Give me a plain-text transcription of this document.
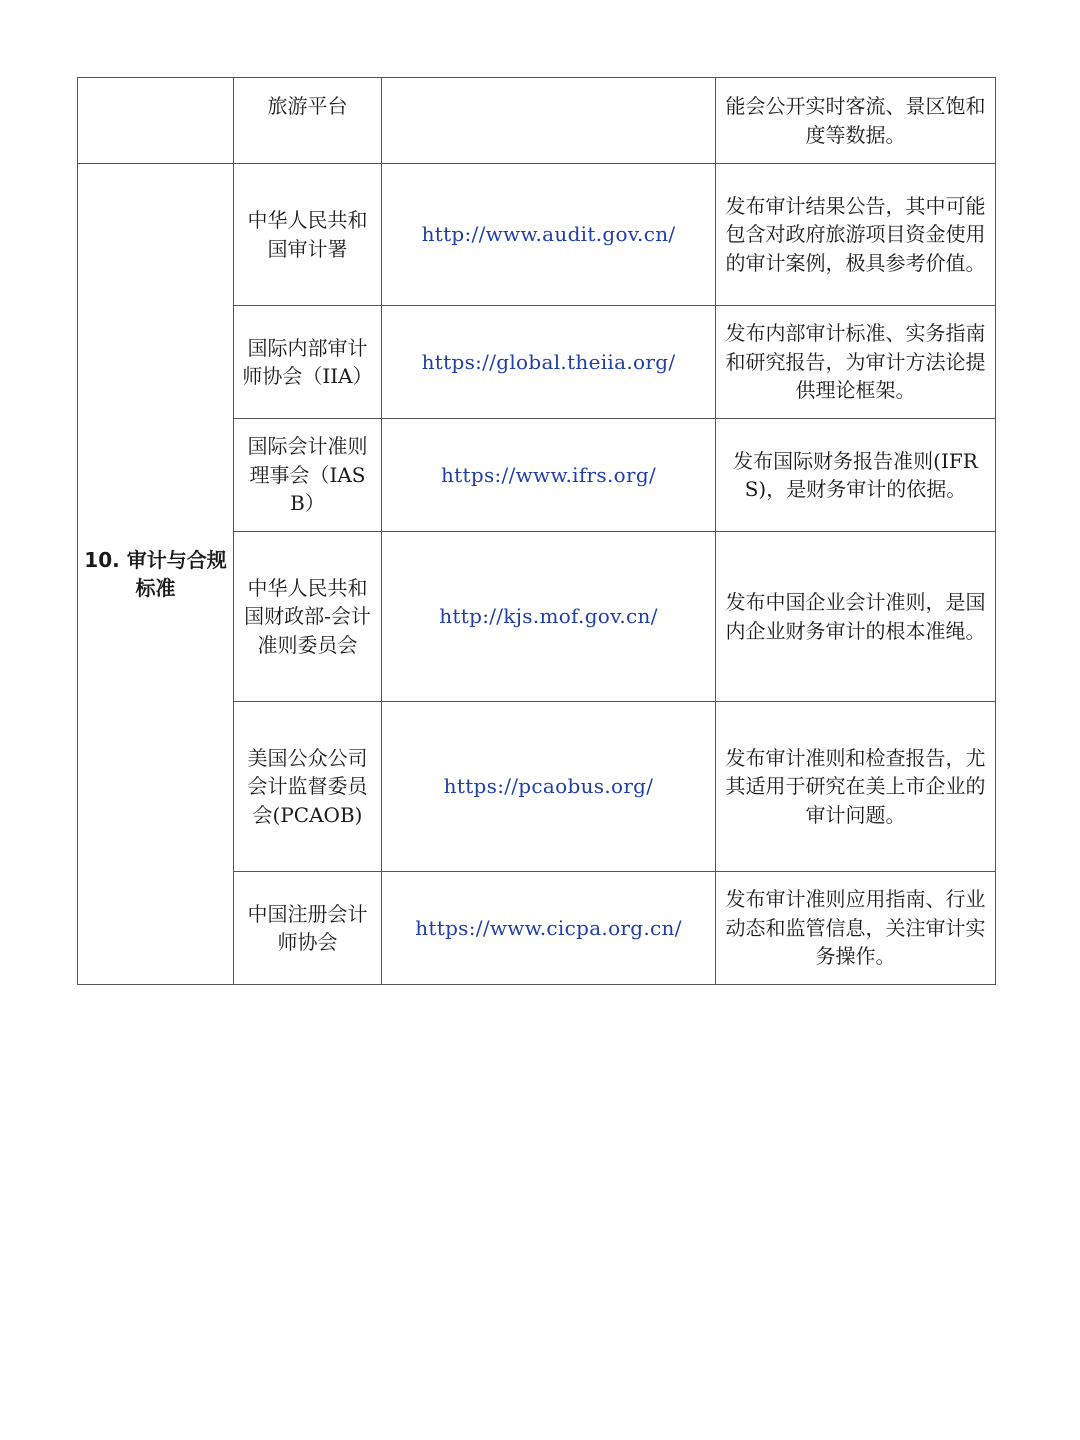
	旅游平台		能会公开实时客流、景区饱和度等数据。

10. 审计与合规标准	中华人民共和国审计署	http://www.audit.gov.cn/	发布审计结果公告，其中可能包含对政府旅游项目资金使用的审计案例，极具参考价值。

	国际内部审计师协会（IIA）	https://global.theiia.org/	发布内部审计标准、实务指南和研究报告，为审计方法论提供理论框架。

	国际会计准则理事会（IASB）	https://www.ifrs.org/	发布国际财务报告准则(IFRS)，是财务审计的依据。

	中华人民共和国财政部-会计准则委员会	http://kjs.mof.gov.cn/	发布中国企业会计准则，是国内企业财务审计的根本准绳。

	美国公众公司会计监督委员会(PCAOB)	https://pcaobus.org/	发布审计准则和检查报告，尤其适用于研究在美上市企业的审计问题。

	中国注册会计师协会	https://www.cicpa.org.cn/	发布审计准则应用指南、行业动态和监管信息，关注审计实务操作。
